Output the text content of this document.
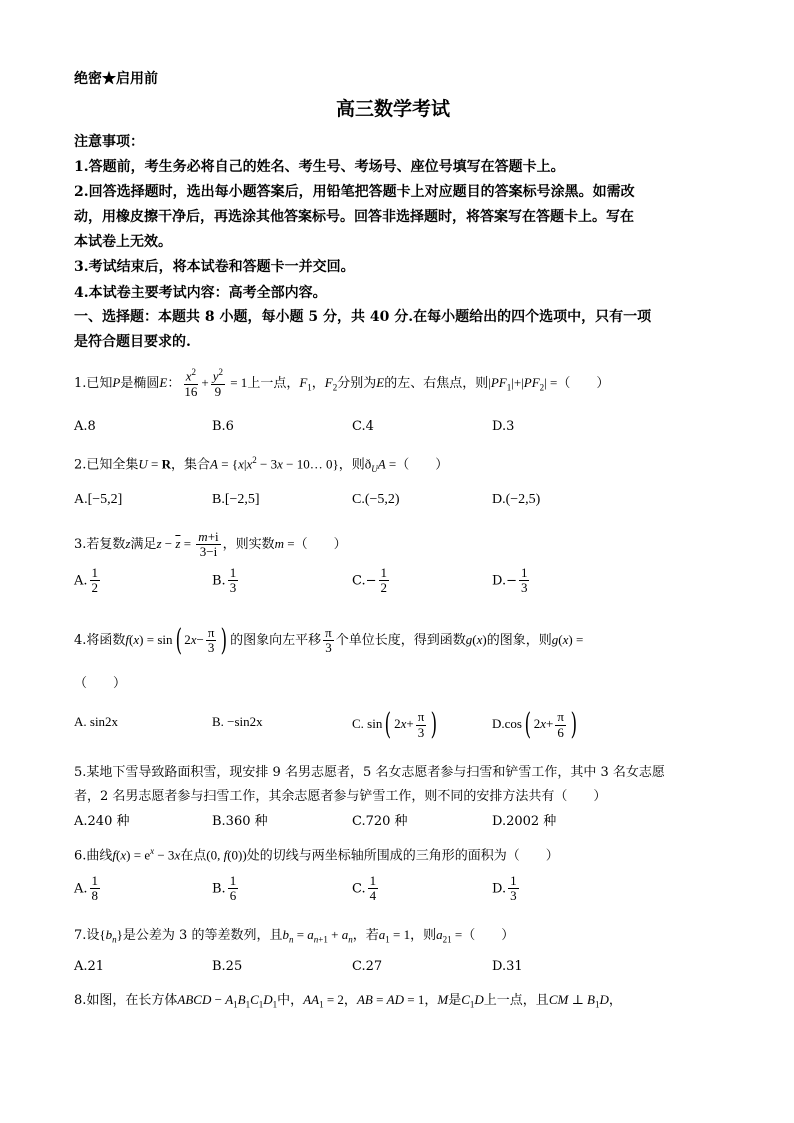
绝密★启用前
高三数学考试
注意事项：
1.答题前，考生务必将自己的姓名、考生号、考场号、座位号填写在答题卡上。
2.回答选择题时，选出每小题答案后，用铅笔把答题卡上对应题目的答案标号涂黑。如需改
动，用橡皮擦干净后，再选涂其他答案标号。回答非选择题时，将答案写在答题卡上。写在
本试卷上无效。
3.考试结束后，将本试卷和答题卡一并交回。
4.本试卷主要考试内容：高考全部内容。
一、选择题：本题共 8 小题，每小题 5 分，共 40 分.在每小题给出的四个选项中，只有一项
是符合题目要求的.
1.已知P是椭圆E： $\frac{x^2}{16} + \frac{y^2}{9} = 1$上一点，$F_1$，$F_2$分别为E的左、右焦点，则$|PF_1|+|PF_2|$ =（　　）
A.8	B.6	C.4	D.3
2.已知全集U = R，集合$A = \{x|x^2 - 3x$ − 10… 0}，则$ð_UA$ =（　　）
A.[−5,2]	B.[−2,5]	C.(−5,2)	D.(−2,5)
3.若复数z满足$z - \overline{z} = \frac{m+i}{3-i}$ ，则实数m =（　　）
A. $\frac{1}{2}$	B. $\frac{1}{3}$	$C.- \frac{1}{2}$	$D.- \frac{1}{3}$
4.将函数f(x) = sin( $2x- \frac{\pi}{3}$ ) 的图象向左平移 $\frac{\pi}{3}$ 个单位长度，得到函数g(x)的图象，则g(x) =
（　　）
A. sin2x	B. −sin2x	C. sin( $2x+ \frac{\pi}{3}$ )	D.cos( $2x+ \frac{\pi}{6}$ )
5.某地下雪导致路面积雪，现安排 9 名男志愿者，5 名女志愿者参与扫雪和铲雪工作，其中 3 名女志愿
者，2 名男志愿者参与扫雪工作，其余志愿者参与铲雪工作，则不同的安排方法共有（　　）
A.240 种	B.360 种	C.720 种	D.2002 种
6.曲线$f(x) = e^x - 3x$在点(0, f(0))处的切线与两坐标轴所围成的三角形的面积为（　　）
A. $\frac{1}{8}$	B. $\frac{1}{6}$	C. $\frac{1}{4}$	D. $\frac{1}{3}$
7.设$\{b_n\}$是公差为 3 的等差数列，且$b_n = a_{n+1} + a_n$，若$a_1 = 1$，则$a_{21}$ =（　　）
A.21	B.25	C.27	D.31
8.如图，在长方体ABCD − $A_1B_1C_1D_1$中，$AA_1 = 2$，AB = AD = 1，M是$C_1D$上一点，且CM ⊥ $B_1D$，
